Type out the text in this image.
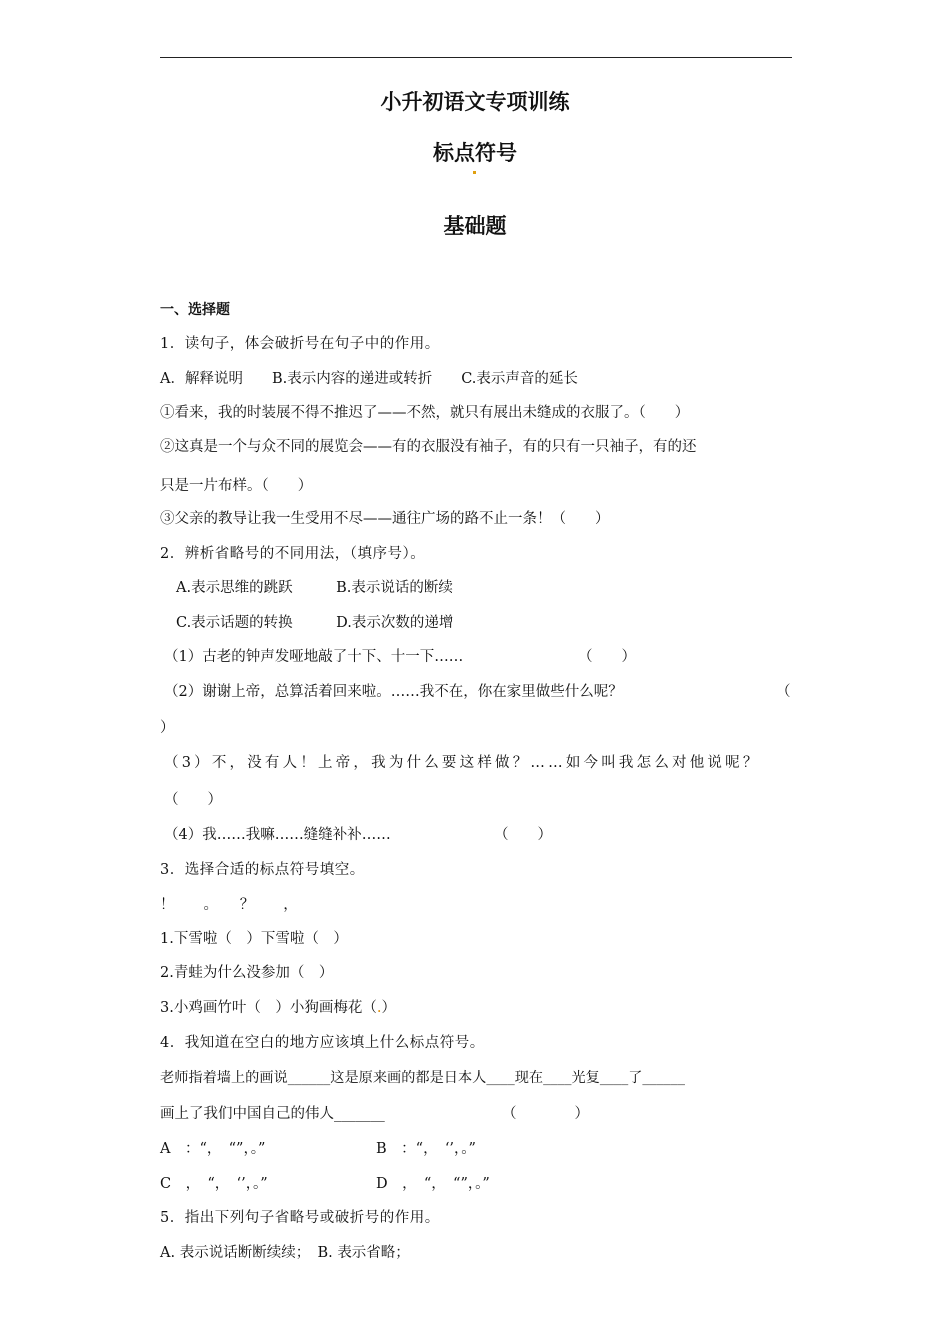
小升初语文专项训练
标点符号
基础题
一、选择题
1．读句子，体会破折号在句子中的作用。
A．解释说明　　B.表示内容的递进或转折　　C.表示声音的延长
①看来，我的时装展不得不推迟了——不然，就只有展出未缝成的衣服了。（　　）
②这真是一个与众不同的展览会——有的衣服没有袖子，有的只有一只袖子，有的还
只是一片布样。（　　）
③父亲的教导让我一生受用不尽——通往广场的路不止一条！（　　）
2．辨析省略号的不同用法，（填序号）。
A.表示思维的跳跃　　　B.表示说话的断续
C.表示话题的转换　　　D.表示次数的递增
（1）古老的钟声发哑地敲了十下、十一下……	（　　）
（2）谢谢上帝，总算活着回来啦。……我不在，你在家里做些什么呢？	（
）
（3）不，没有人！上帝，我为什么要这样做？……如今叫我怎么对他说呢？
（　　）
（4）我……我嘛……缝缝补补……	（　　）
3．选择合适的标点符号填空。
！　　。　　？　　，
1.下雪啦（　）下雪啦（　）
2.青蛙为什么没参加（　）
3.小鸡画竹叶（　）小狗画梅花（.）
4．我知道在空白的地方应该填上什么标点符号。
老师指着墙上的画说______这是原来画的都是日本人____现在____光复____了______
画上了我们中国自己的伟人_______	（　　　　）
A　：“，　“”，。”	B　：“，　‘’，。”
C　，　“，　‘’，。”	D　，　“，　“”，。”
5．指出下列句子省略号或破折号的作用。
A. 表示说话断断续续；　B. 表示省略；
